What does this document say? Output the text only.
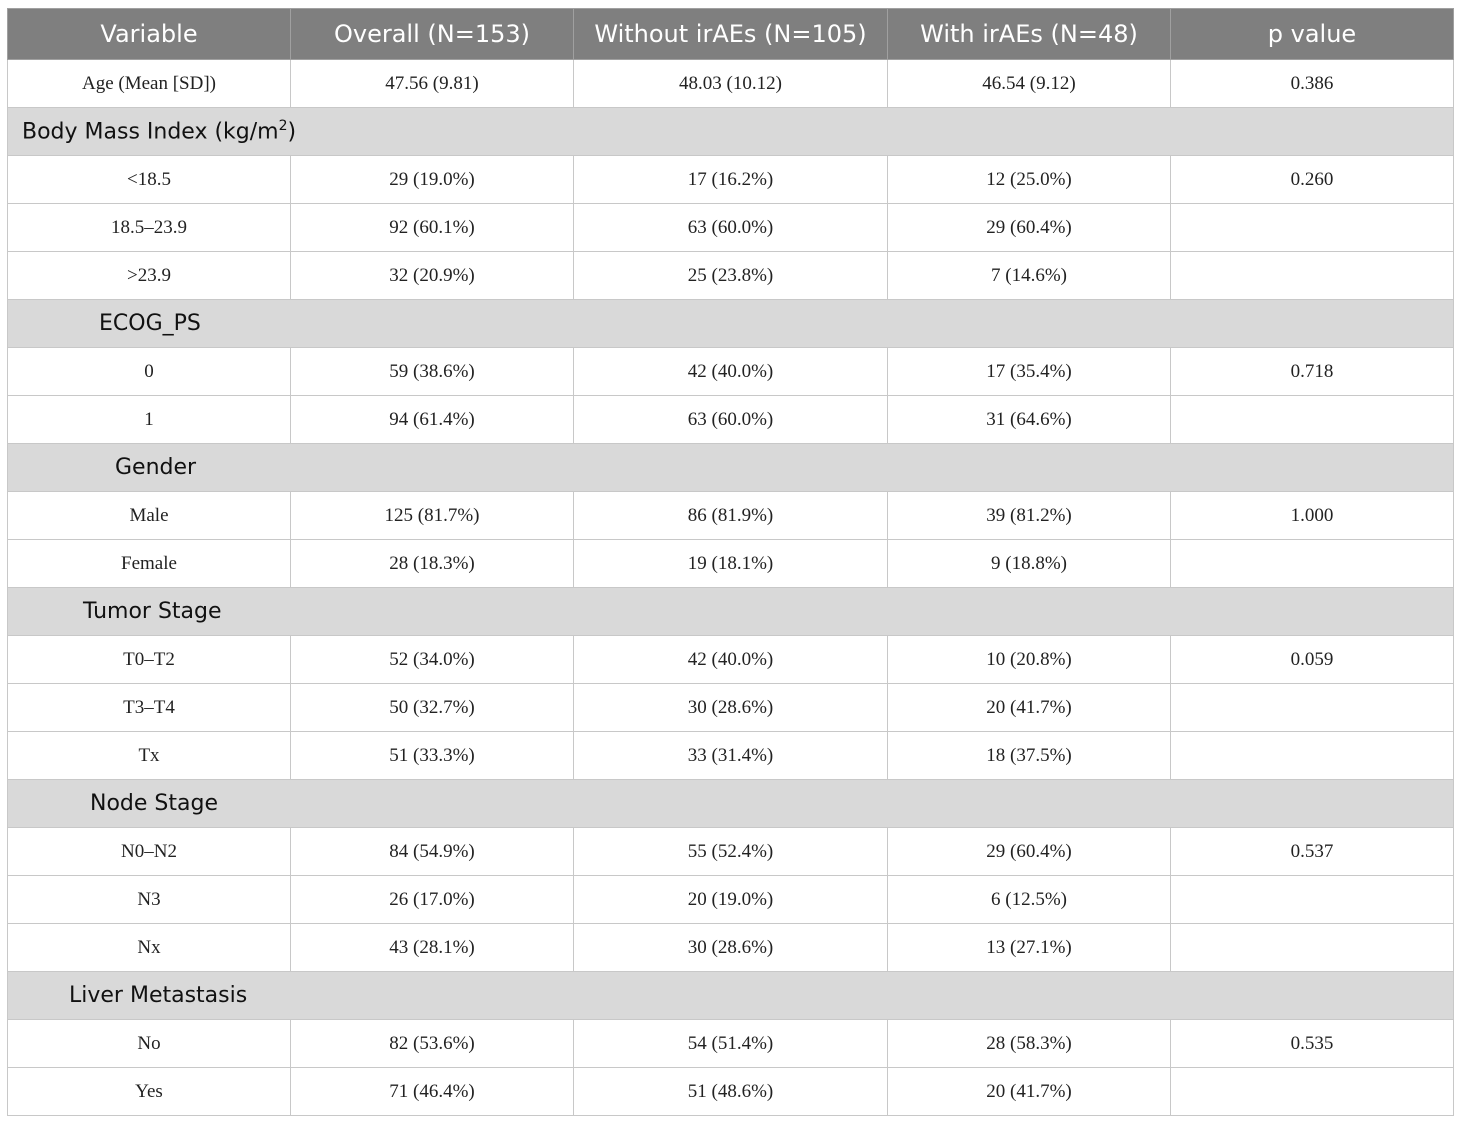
Variable	Overall (N=153)	Without irAEs (N=105)	With irAEs (N=48)	p value
Age (Mean [SD])	47.56 (9.81)	48.03 (10.12)	46.54 (9.12)	0.386
Body Mass Index $(kg/m^2)$				
<18.5	29 (19.0%)	17 (16.2%)	12 (25.0%)	0.260
18.5–23.9	92 (60.1%)	63 (60.0%)	29 (60.4%)	
>23.9	32 (20.9%)	25 (23.8%)	7 (14.6%)	
ECOG_PS				
0	59 (38.6%)	42 (40.0%)	17 (35.4%)	0.718
1	94 (61.4%)	63 (60.0%)	31 (64.6%)	
Gender				
Male	125 (81.7%)	86 (81.9%)	39 (81.2%)	1.000
Female	28 (18.3%)	19 (18.1%)	9 (18.8%)	
Tumor Stage				
T0–T2	52 (34.0%)	42 (40.0%)	10 (20.8%)	0.059
T3–T4	50 (32.7%)	30 (28.6%)	20 (41.7%)	
Tx	51 (33.3%)	33 (31.4%)	18 (37.5%)	
Node Stage				
N0–N2	84 (54.9%)	55 (52.4%)	29 (60.4%)	0.537
N3	26 (17.0%)	20 (19.0%)	6 (12.5%)	
Nx	43 (28.1%)	30 (28.6%)	13 (27.1%)	
Liver Metastasis				
No	82 (53.6%)	54 (51.4%)	28 (58.3%)	0.535
Yes	71 (46.4%)	51 (48.6%)	20 (41.7%)	
